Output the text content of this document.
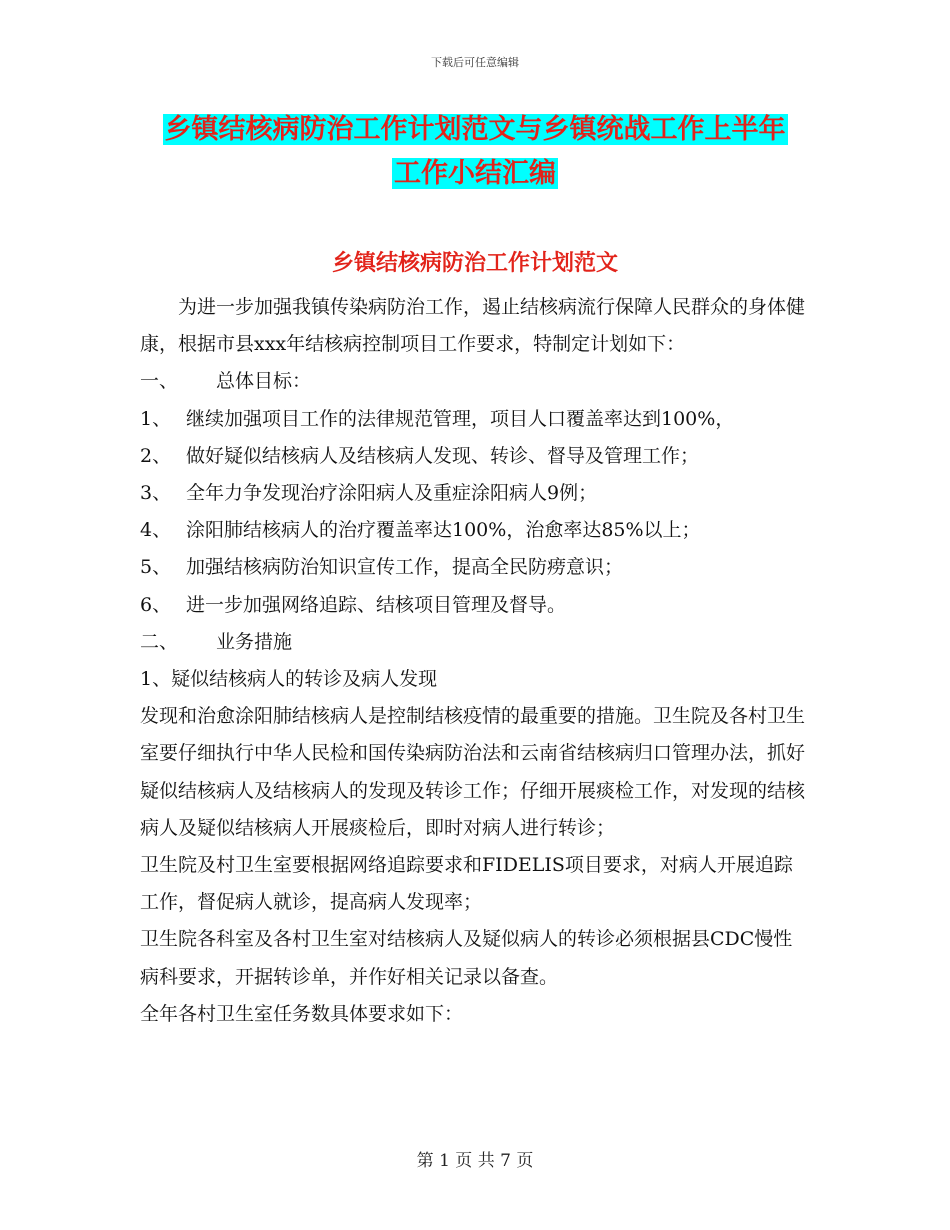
下载后可任意编辑
乡镇结核病防治工作计划范文与乡镇统战工作上半年
工作小结汇编
乡镇结核病防治工作计划范文

为进一步加强我镇传染病防治工作，遏止结核病流行保障人民群众的身体健康，根据市县xxx年结核病控制项目工作要求，特制定计划如下：

一、 总体目标：

1、 继续加强项目工作的法律规范管理，项目人口覆盖率达到100%，

2、 做好疑似结核病人及结核病人发现、转诊、督导及管理工作；

3、 全年力争发现治疗涂阳病人及重症涂阳病人9例；

4、 涂阳肺结核病人的治疗覆盖率达100%，治愈率达85%以上；

5、 加强结核病防治知识宣传工作，提高全民防痨意识；

6、 进一步加强网络追踪、结核项目管理及督导。

二、 业务措施

1、疑似结核病人的转诊及病人发现

发现和治愈涂阳肺结核病人是控制结核疫情的最重要的措施。卫生院及各村卫生室要仔细执行中华人民检和国传染病防治法和云南省结核病归口管理办法，抓好疑似结核病人及结核病人的发现及转诊工作；仔细开展痰检工作，对发现的结核病人及疑似结核病人开展痰检后，即时对病人进行转诊；

卫生院及村卫生室要根据网络追踪要求和FIDELIS项目要求，对病人开展追踪工作，督促病人就诊，提高病人发现率；

卫生院各科室及各村卫生室对结核病人及疑似病人的转诊必须根据县CDC慢性病科要求，开据转诊单，并作好相关记录以备查。

全年各村卫生室任务数具体要求如下：

第 1 页 共 7 页
